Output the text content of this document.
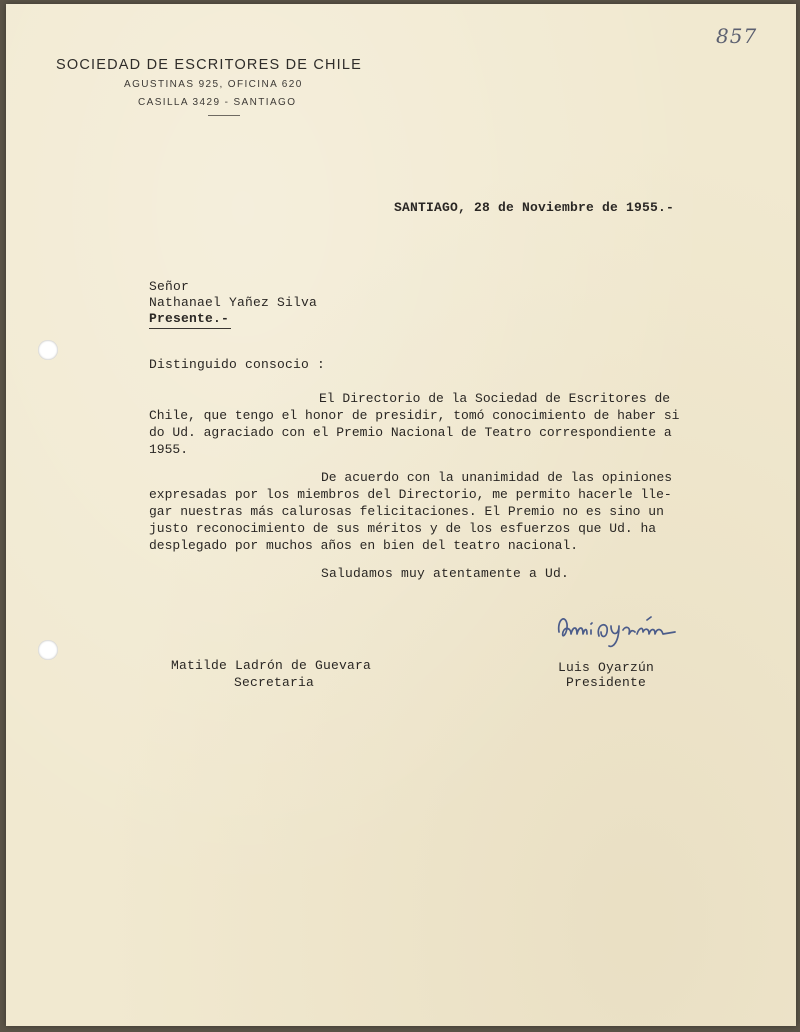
857
SOCIEDAD DE ESCRITORES DE CHILE
AGUSTINAS 925, OFICINA 620
CASILLA 3429 - SANTIAGO
SANTIAGO, 28 de Noviembre de 1955.-
Señor
Nathanael Yañez Silva
Presente.-
Distinguido consocio :
El Directorio de la Sociedad de Escritores de
Chile, que tengo el honor de presidir, tomó conocimiento de haber si
do Ud. agraciado con el Premio Nacional de Teatro correspondiente a
1955.
De acuerdo con la unanimidad de las opiniones
expresadas por los miembros del Directorio, me permito hacerle lle-
gar nuestras más calurosas felicitaciones. El Premio no es sino un
justo reconocimiento de sus méritos y de los esfuerzos que Ud. ha
desplegado por muchos años en bien del teatro nacional.
Saludamos muy atentamente a Ud.
Matilde Ladrón de Guevara
Secretaria
Luis Oyarzún
Presidente
